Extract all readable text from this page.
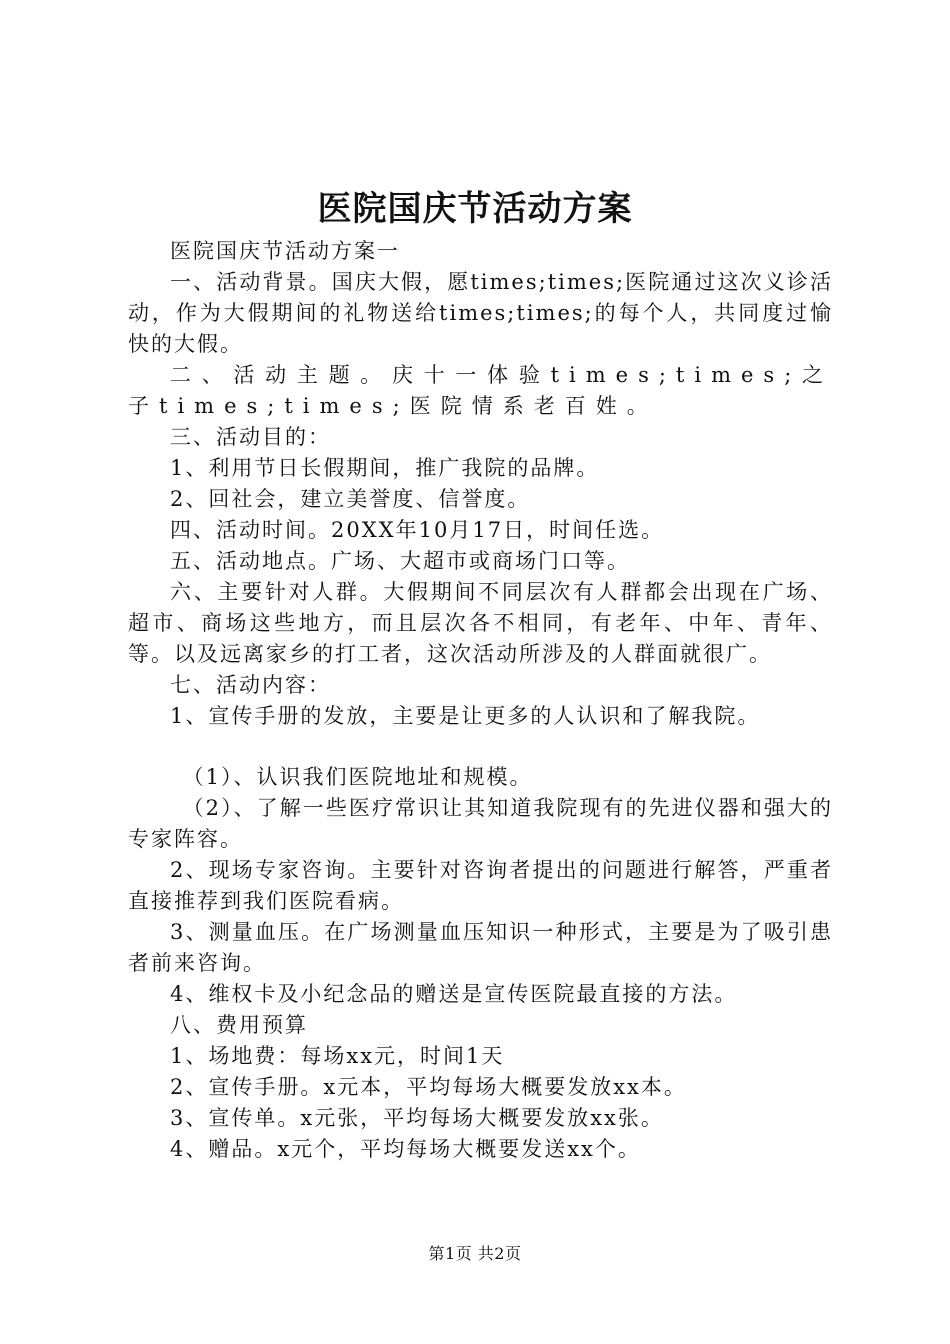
医院国庆节活动方案

医院国庆节活动方案一

一、活动背景。国庆大假，愿times;times;医院通过这次义诊活动，作为大假期间的礼物送给times;times;的每个人，共同度过愉快的大假。

二、活动主题。庆十一体验times;times;之子times;times;医院情系老百姓。

三、活动目的：

1、利用节日长假期间，推广我院的品牌。

2、回社会，建立美誉度、信誉度。

四、活动时间。20XX年10月17日，时间任选。

五、活动地点。广场、大超市或商场门口等。

六、主要针对人群。大假期间不同层次有人群都会出现在广场、超市、商场这些地方，而且层次各不相同，有老年、中年、青年、等。以及远离家乡的打工者，这次活动所涉及的人群面就很广。

七、活动内容：

1、宣传手册的发放，主要是让更多的人认识和了解我院。

（1）、认识我们医院地址和规模。

（2）、了解一些医疗常识让其知道我院现有的先进仪器和强大的专家阵容。

2、现场专家咨询。主要针对咨询者提出的问题进行解答，严重者直接推荐到我们医院看病。

3、测量血压。在广场测量血压知识一种形式，主要是为了吸引患者前来咨询。

4、维权卡及小纪念品的赠送是宣传医院最直接的方法。

八、费用预算

1、场地费：每场xx元，时间1天

2、宣传手册。x元本，平均每场大概要发放xx本。

3、宣传单。x元张，平均每场大概要发放xx张。

4、赠品。x元个，平均每场大概要发送xx个。

第1页 共2页
